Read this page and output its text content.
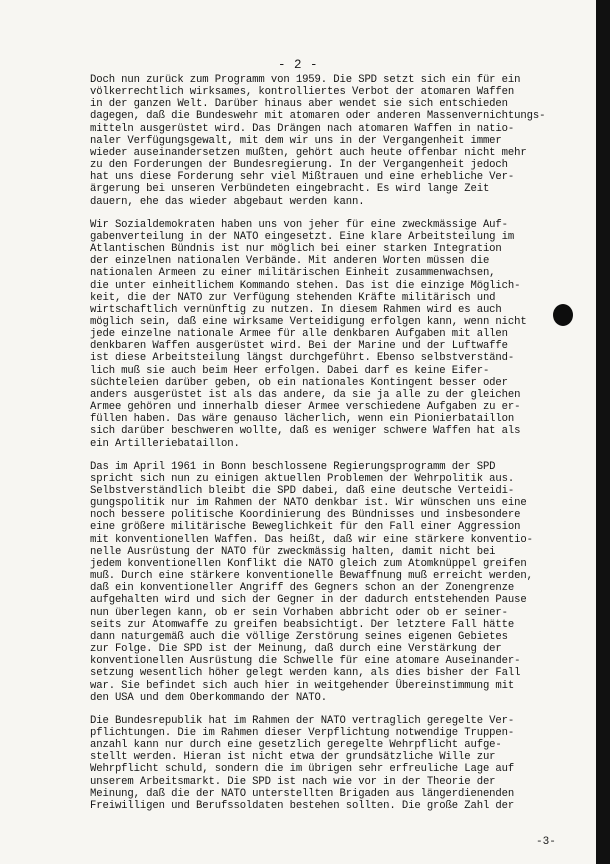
- 2 -
Doch nun zurück zum Programm von 1959. Die SPD setzt sich ein für ein
völkerrechtlich wirksames, kontrolliertes Verbot der atomaren Waffen
in der ganzen Welt. Darüber hinaus aber wendet sie sich entschieden
dagegen, daß die Bundeswehr mit atomaren oder anderen Massenvernichtungs-
mitteln ausgerüstet wird. Das Drängen nach atomaren Waffen in natio-
naler Verfügungsgewalt, mit dem wir uns in der Vergangenheit immer
wieder auseinandersetzen mußten, gehört auch heute offenbar nicht mehr
zu den Forderungen der Bundesregierung. In der Vergangenheit jedoch
hat uns diese Forderung sehr viel Mißtrauen und eine erhebliche Ver-
ärgerung bei unseren Verbündeten eingebracht. Es wird lange Zeit
dauern, ehe das wieder abgebaut werden kann.
Wir Sozialdemokraten haben uns von jeher für eine zweckmässige Auf-
gabenverteilung in der NATO eingesetzt. Eine klare Arbeitsteilung im
Atlantischen Bündnis ist nur möglich bei einer starken Integration
der einzelnen nationalen Verbände. Mit anderen Worten müssen die
nationalen Armeen zu einer militärischen Einheit zusammenwachsen,
die unter einheitlichem Kommando stehen. Das ist die einzige Möglich-
keit, die der NATO zur Verfügung stehenden Kräfte militärisch und
wirtschaftlich vernünftig zu nutzen. In diesem Rahmen wird es auch
möglich sein, daß eine wirksame Verteidigung erfolgen kann, wenn nicht
jede einzelne nationale Armee für alle denkbaren Aufgaben mit allen
denkbaren Waffen ausgerüstet wird. Bei der Marine und der Luftwaffe
ist diese Arbeitsteilung längst durchgeführt. Ebenso selbstverständ-
lich muß sie auch beim Heer erfolgen. Dabei darf es keine Eifer-
süchteleien darüber geben, ob ein nationales Kontingent besser oder
anders ausgerüstet ist als das andere, da sie ja alle zu der gleichen
Armee gehören und innerhalb dieser Armee verschiedene Aufgaben zu er-
füllen haben. Das wäre genauso lächerlich, wenn ein Pionierbataillon
sich darüber beschweren wollte, daß es weniger schwere Waffen hat als
ein Artilleriebataillon.
Das im April 1961 in Bonn beschlossene Regierungsprogramm der SPD
spricht sich nun zu einigen aktuellen Problemen der Wehrpolitik aus.
Selbstverständlich bleibt die SPD dabei, daß eine deutsche Verteidi-
gungspolitik nur im Rahmen der NATO denkbar ist. Wir wünschen uns eine
noch bessere politische Koordinierung des Bündnisses und insbesondere
eine größere militärische Beweglichkeit für den Fall einer Aggression
mit konventionellen Waffen. Das heißt, daß wir eine stärkere konventio-
nelle Ausrüstung der NATO für zweckmässig halten, damit nicht bei
jedem konventionellen Konflikt die NATO gleich zum Atomknüppel greifen
muß. Durch eine stärkere konventionelle Bewaffnung muß erreicht werden,
daß ein konventioneller Angriff des Gegners schon an der Zonengrenze
aufgehalten wird und sich der Gegner in der dadurch entstehenden Pause
nun überlegen kann, ob er sein Vorhaben abbricht oder ob er seiner-
seits zur Atomwaffe zu greifen beabsichtigt. Der letztere Fall hätte
dann naturgemäß auch die völlige Zerstörung seines eigenen Gebietes
zur Folge. Die SPD ist der Meinung, daß durch eine Verstärkung der
konventionellen Ausrüstung die Schwelle für eine atomare Auseinander-
setzung wesentlich höher gelegt werden kann, als dies bisher der Fall
war. Sie befindet sich auch hier in weitgehender Übereinstimmung mit
den USA und dem Oberkommando der NATO.
Die Bundesrepublik hat im Rahmen der NATO vertraglich geregelte Ver-
pflichtungen. Die im Rahmen dieser Verpflichtung notwendige Truppen-
anzahl kann nur durch eine gesetzlich geregelte Wehrpflicht aufge-
stellt werden. Hieran ist nicht etwa der grundsätzliche Wille zur
Wehrpflicht schuld, sondern die im übrigen sehr erfreuliche Lage auf
unserem Arbeitsmarkt. Die SPD ist nach wie vor in der Theorie der
Meinung, daß die der NATO unterstellten Brigaden aus längerdienenden
Freiwilligen und Berufssoldaten bestehen sollten. Die große Zahl der
-3-
